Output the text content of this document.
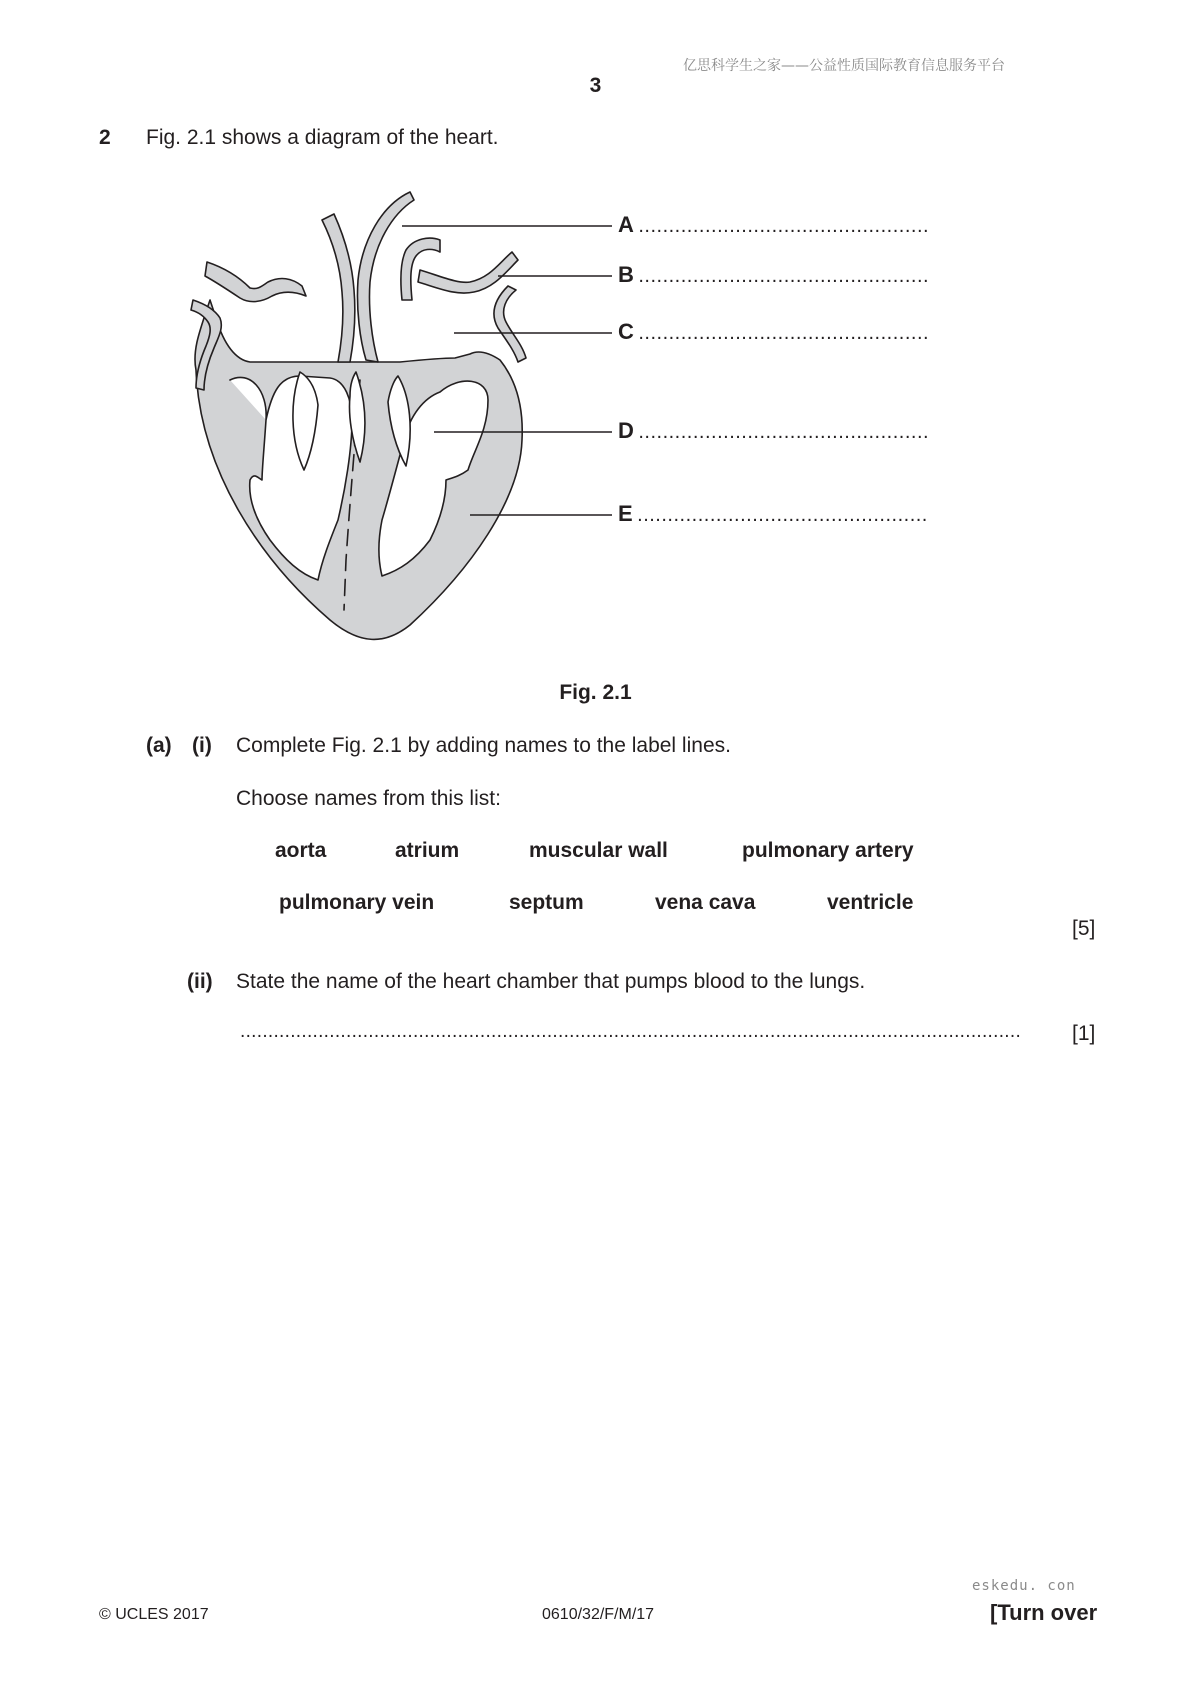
亿思科学生之家——公益性质国际教育信息服务平台
3
2 Fig. 2.1 shows a diagram of the heart.
A ................................................
B ................................................
C ................................................
D ................................................
E ................................................
Fig. 2.1
(a) (i) Complete Fig. 2.1 by adding names to the label lines.
Choose names from this list:
aorta	atrium	muscular wall	pulmonary artery
pulmonary vein	septum	vena cava	ventricle
[5]
(ii) State the name of the heart chamber that pumps blood to the lungs.
............................................................................................................................................	[1]
eskedu. con
© UCLES 2017	0610/32/F/M/17	[Turn over
